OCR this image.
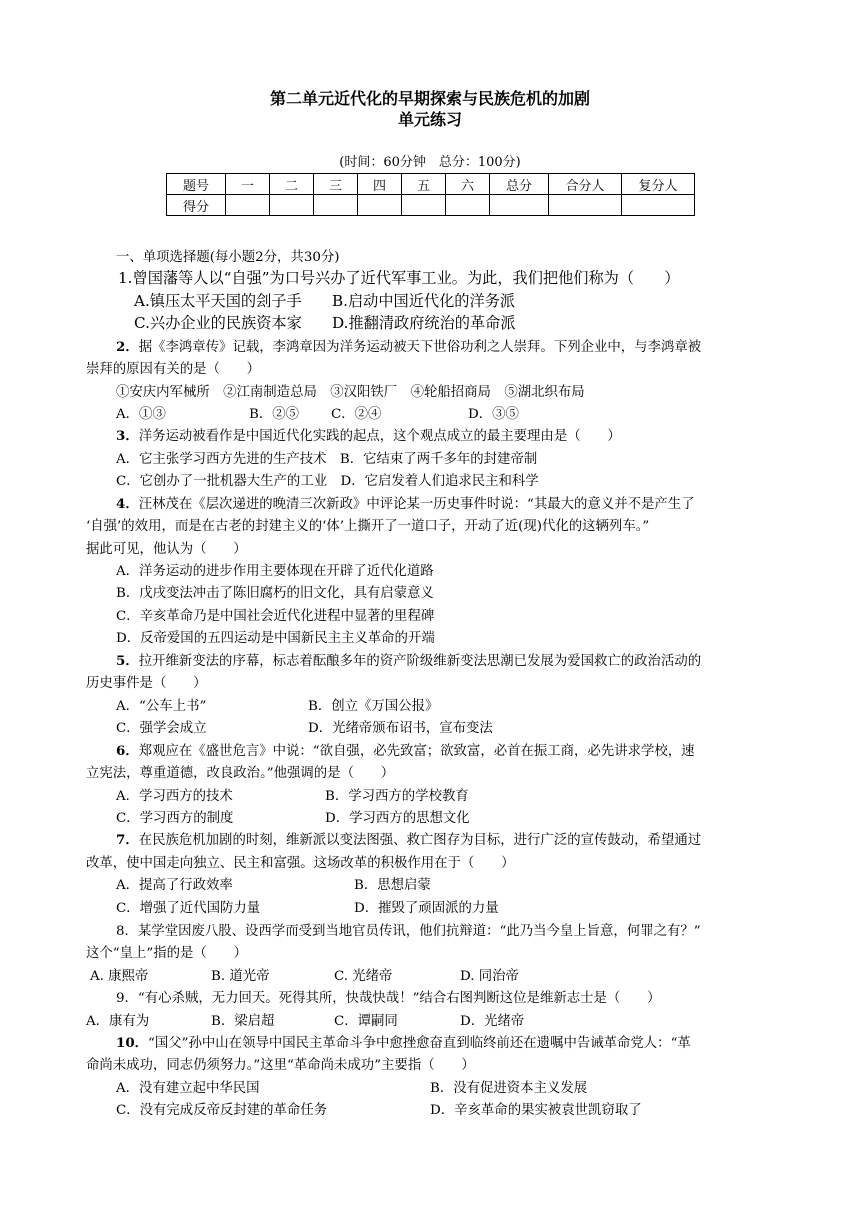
第二单元近代化的早期探索与民族危机的加剧
单元练习
(时间：60分钟　总分：100分)
题号	一	二	三	四	五	六	总分	合分人	复分人
得分									
一、单项选择题(每小题2分，共30分)
1.曾国藩等人以“自强”为口号兴办了近代军事工业。为此，我们把他们称为（　　）
A.镇压太平天国的刽子手 B.启动中国近代化的洋务派
C.兴办企业的民族资本家 D.推翻清政府统治的革命派
2．据《李鸿章传》记载，李鸿章因为洋务运动被天下世俗功利之人崇拜。下列企业中，与李鸿章被
崇拜的原因有关的是（　　）
①安庆内军械所　②江南制造总局　③汉阳铁厂　④轮船招商局　⑤湖北织布局
A．①③	B．②⑤ C．②④	D．③⑤
3．洋务运动被看作是中国近代化实践的起点，这个观点成立的最主要理由是（　　）
A．它主张学习西方先进的生产技术　B．它结束了两千多年的封建帝制
C．它创办了一批机器大生产的工业　D．它启发着人们追求民主和科学
4．汪林茂在《层次递进的晚清三次新政》中评论某一历史事件时说：“其最大的意义并不是产生了
‘自强’的效用，而是在古老的封建主义的‘体’上撕开了一道口子，开动了近(现)代化的这辆列车。”
据此可见，他认为（　　）
A．洋务运动的进步作用主要体现在开辟了近代化道路
B．戊戌变法冲击了陈旧腐朽的旧文化，具有启蒙意义
C．辛亥革命乃是中国社会近代化进程中显著的里程碑
D．反帝爱国的五四运动是中国新民主主义革命的开端
5．拉开维新变法的序幕，标志着酝酿多年的资产阶级维新变法思潮已发展为爱国救亡的政治活动的
历史事件是（　　）
A．“公车上书”	B．创立《万国公报》
C．强学会成立	D．光绪帝颁布诏书，宣布变法
6．郑观应在《盛世危言》中说：“欲自强，必先致富；欲致富，必首在振工商，必先讲求学校，速
立宪法，尊重道德，改良政治。”他强调的是（　　）
A．学习西方的技术	B．学习西方的学校教育
C．学习西方的制度	D．学习西方的思想文化
7．在民族危机加剧的时刻，维新派以变法图强、救亡图存为目标，进行广泛的宣传鼓动，希望通过
改革，使中国走向独立、民主和富强。这场改革的积极作用在于（　　）
A．提高了行政效率	B．思想启蒙
C．增强了近代国防力量	D．摧毁了顽固派的力量
8．某学堂因废八股、设西学而受到当地官员传讯，他们抗辩道：“此乃当今皇上旨意，何罪之有？”
这个“皇上”指的是（　　）
A. 康熙帝	B. 道光帝	C. 光绪帝	D. 同治帝
9．“有心杀贼，无力回天。死得其所，快哉快哉！”结合右图判断这位是维新志士是（　　）
A．康有为	B．梁启超	C．谭嗣同	D．光绪帝
10．“国父”孙中山在领导中国民主革命斗争中愈挫愈奋直到临终前还在遗嘱中告诫革命党人：“革
命尚未成功，同志仍须努力。”这里“革命尚未成功”主要指（　　）
A．没有建立起中华民国	B．没有促进资本主义发展
C．没有完成反帝反封建的革命任务	D．辛亥革命的果实被袁世凯窃取了
